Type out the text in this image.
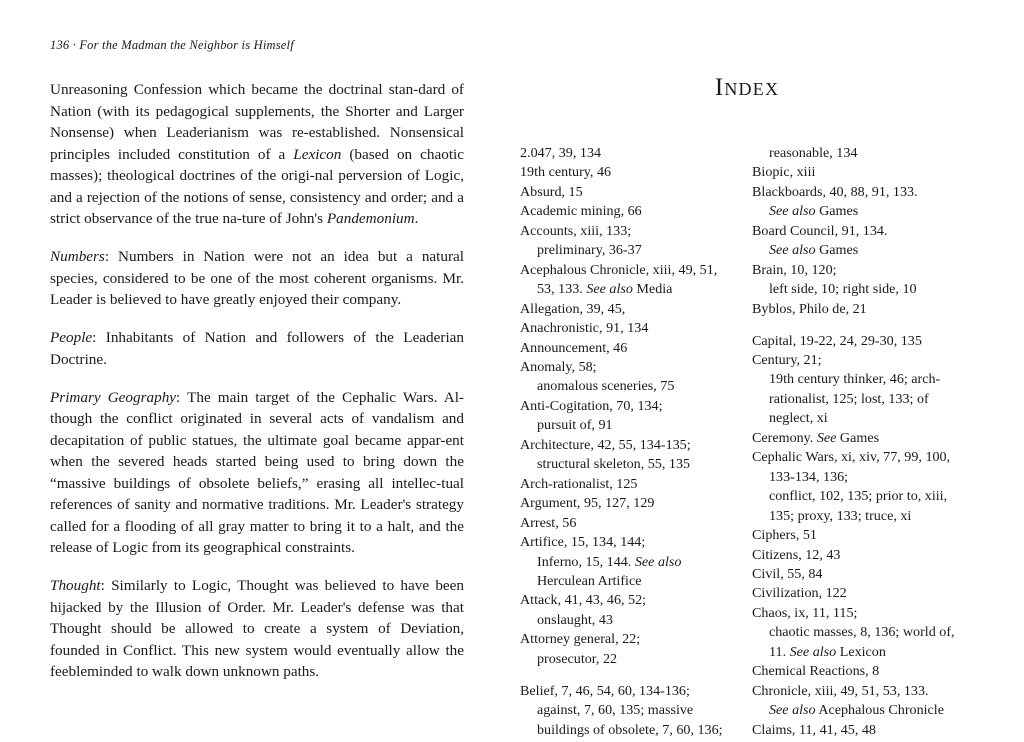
136 · For the Madman the Neighbor is Himself

Unreasoning Confession which became the doctrinal stan-dard of Nation (with its pedagogical supplements, the Shorter and Larger Nonsense) when Leaderianism was re-established. Nonsensical principles included constitution of a Lexicon (based on chaotic masses); theological doctrines of the origi-nal perversion of Logic, and a rejection of the notions of sense, consistency and order; and a strict observance of the true na-ture of John's Pandemonium.

Numbers: Numbers in Nation were not an idea but a natural species, considered to be one of the most coherent organisms. Mr. Leader is believed to have greatly enjoyed their company.

People: Inhabitants of Nation and followers of the Leaderian Doctrine.

Primary Geography: The main target of the Cephalic Wars. Al-though the conflict originated in several acts of vandalism and decapitation of public statues, the ultimate goal became appar-ent when the severed heads started being used to bring down the “massive buildings of obsolete beliefs,” erasing all intellec-tual references of sanity and normative traditions. Mr. Leader's strategy called for a flooding of all gray matter to bring it to a halt, and the release of Logic from its geographical constraints.

Thought: Similarly to Logic, Thought was believed to have been hijacked by the Illusion of Order. Mr. Leader's defense was that Thought should be allowed to create a system of Deviation, founded in Conflict. This new system would eventually allow the feebleminded to walk down unknown paths.

Index
2.047, 39, 134
19th century, 46
Absurd, 15
Academic mining, 66
Accounts, xiii, 133;
preliminary, 36-37
Acephalous Chronicle, xiii, 49, 51,
53, 133. See also Media
Allegation, 39, 45,
Anachronistic, 91, 134
Announcement, 46
Anomaly, 58;
anomalous sceneries, 75
Anti-Cogitation, 70, 134;
pursuit of, 91
Architecture, 42, 55, 134-135;
structural skeleton, 55, 135
Arch-rationalist, 125
Argument, 95, 127, 129
Arrest, 56
Artifice, 15, 134, 144;
Inferno, 15, 144. See also
Herculean Artifice
Attack, 41, 43, 46, 52;
onslaught, 43
Attorney general, 22;
prosecutor, 22
Belief, 7, 46, 54, 60, 134-136;
against, 7, 60, 135; massive
buildings of obsolete, 7, 60, 136;
reasonable, 134
Biopic, xiii
Blackboards, 40, 88, 91, 133.
See also Games
Board Council, 91, 134.
See also Games
Brain, 10, 120;
left side, 10; right side, 10
Byblos, Philo de, 21
Capital, 19-22, 24, 29-30, 135
Century, 21;
19th century thinker, 46; arch-
rationalist, 125; lost, 133; of
neglect, xi
Ceremony. See Games
Cephalic Wars, xi, xiv, 77, 99, 100,
133-134, 136;
conflict, 102, 135; prior to, xiii,
135; proxy, 133; truce, xi
Ciphers, 51
Citizens, 12, 43
Civil, 55, 84
Civilization, 122
Chaos, ix, 11, 115;
chaotic masses, 8, 136; world of,
11. See also Lexicon
Chemical Reactions, 8
Chronicle, xiii, 49, 51, 53, 133.
See also Acephalous Chronicle
Claims, 11, 41, 45, 48
